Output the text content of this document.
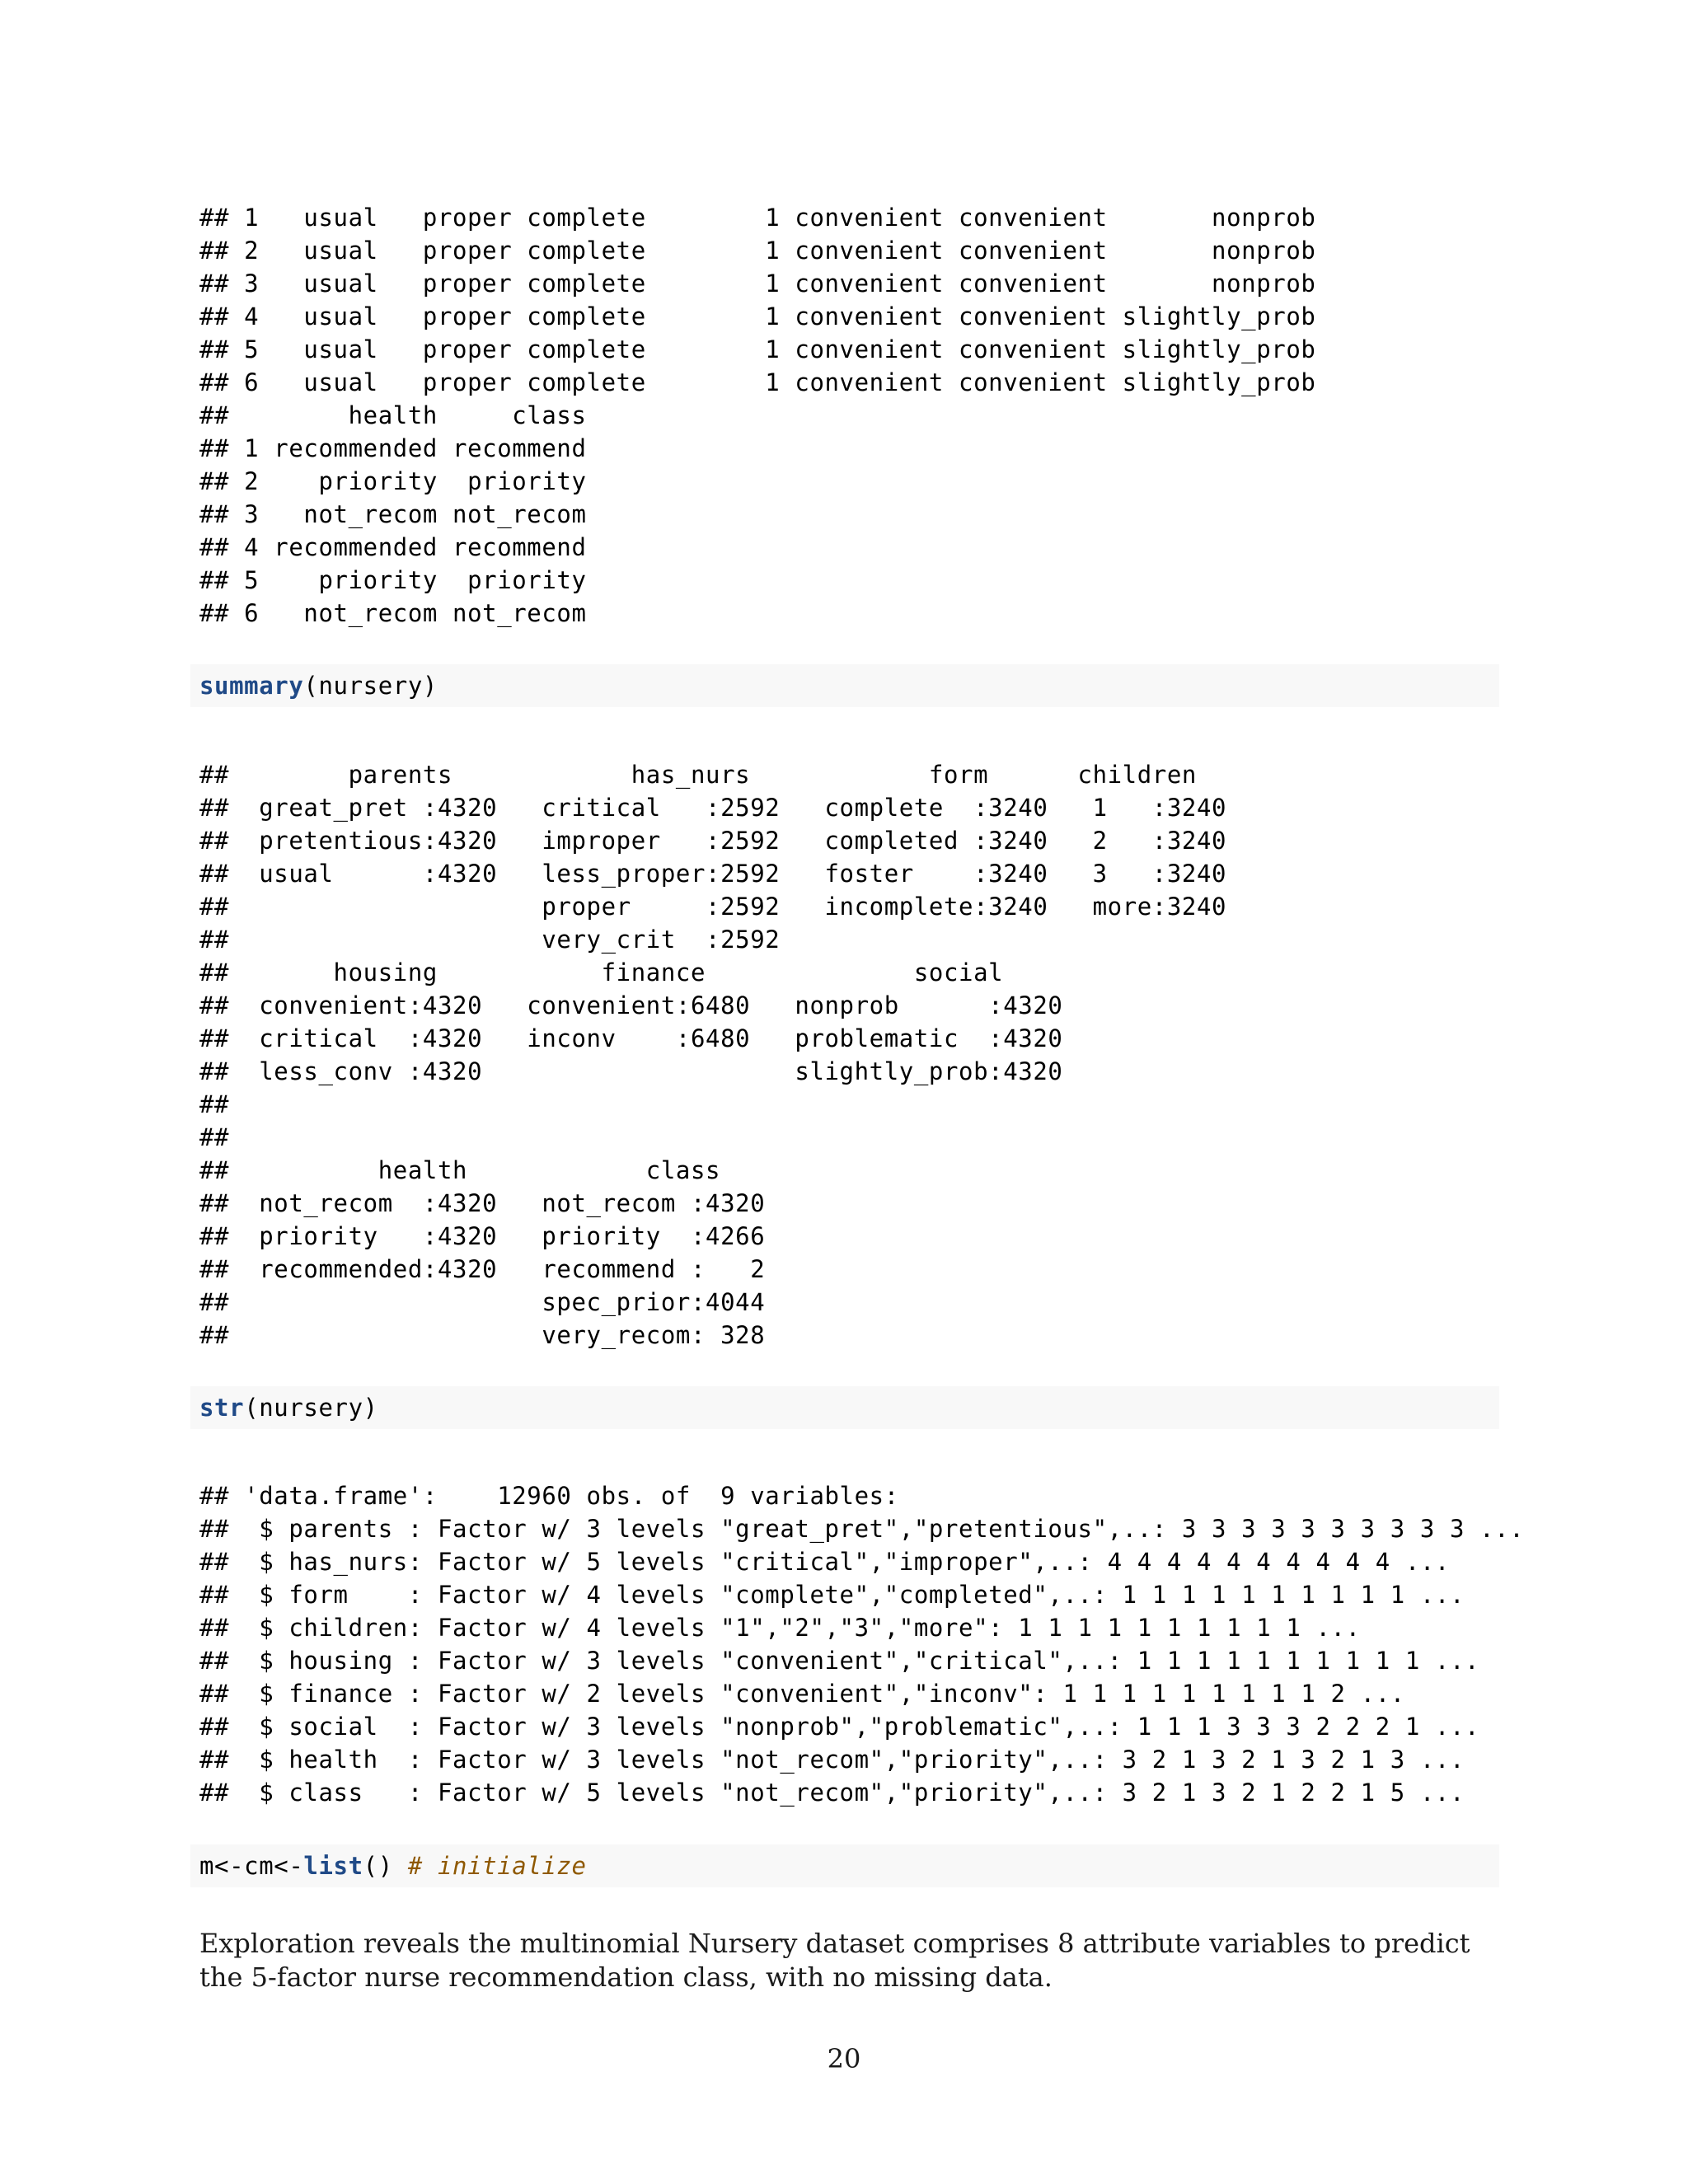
## 1   usual   proper complete        1 convenient convenient       nonprob
## 2   usual   proper complete        1 convenient convenient       nonprob
## 3   usual   proper complete        1 convenient convenient       nonprob
## 4   usual   proper complete        1 convenient convenient slightly_prob
## 5   usual   proper complete        1 convenient convenient slightly_prob
## 6   usual   proper complete        1 convenient convenient slightly_prob
##        health     class
## 1 recommended recommend
## 2    priority  priority
## 3   not_recom not_recom
## 4 recommended recommend
## 5    priority  priority
## 6   not_recom not_recom
summary(nursery)
##        parents            has_nurs            form      children
##  great_pret :4320   critical   :2592   complete  :3240   1   :3240
##  pretentious:4320   improper   :2592   completed :3240   2   :3240
##  usual      :4320   less_proper:2592   foster    :3240   3   :3240
##                     proper     :2592   incomplete:3240   more:3240
##                     very_crit  :2592
##       housing           finance              social
##  convenient:4320   convenient:6480   nonprob      :4320
##  critical  :4320   inconv    :6480   problematic  :4320
##  less_conv :4320                     slightly_prob:4320
##
##
##          health            class
##  not_recom  :4320   not_recom :4320
##  priority   :4320   priority  :4266
##  recommended:4320   recommend :   2
##                     spec_prior:4044
##                     very_recom: 328
str(nursery)
## 'data.frame':    12960 obs. of  9 variables:
##  $ parents : Factor w/ 3 levels "great_pret","pretentious",..: 3 3 3 3 3 3 3 3 3 3 ...
##  $ has_nurs: Factor w/ 5 levels "critical","improper",..: 4 4 4 4 4 4 4 4 4 4 ...
##  $ form    : Factor w/ 4 levels "complete","completed",..: 1 1 1 1 1 1 1 1 1 1 ...
##  $ children: Factor w/ 4 levels "1","2","3","more": 1 1 1 1 1 1 1 1 1 1 ...
##  $ housing : Factor w/ 3 levels "convenient","critical",..: 1 1 1 1 1 1 1 1 1 1 ...
##  $ finance : Factor w/ 2 levels "convenient","inconv": 1 1 1 1 1 1 1 1 1 2 ...
##  $ social  : Factor w/ 3 levels "nonprob","problematic",..: 1 1 1 3 3 3 2 2 2 1 ...
##  $ health  : Factor w/ 3 levels "not_recom","priority",..: 3 2 1 3 2 1 3 2 1 3 ...
##  $ class   : Factor w/ 5 levels "not_recom","priority",..: 3 2 1 3 2 1 2 2 1 5 ...
m<-cm<-list() # initialize

Exploration reveals the multinomial Nursery dataset comprises 8 attribute variables to predict the 5-factor nurse recommendation class, with no missing data.

20
